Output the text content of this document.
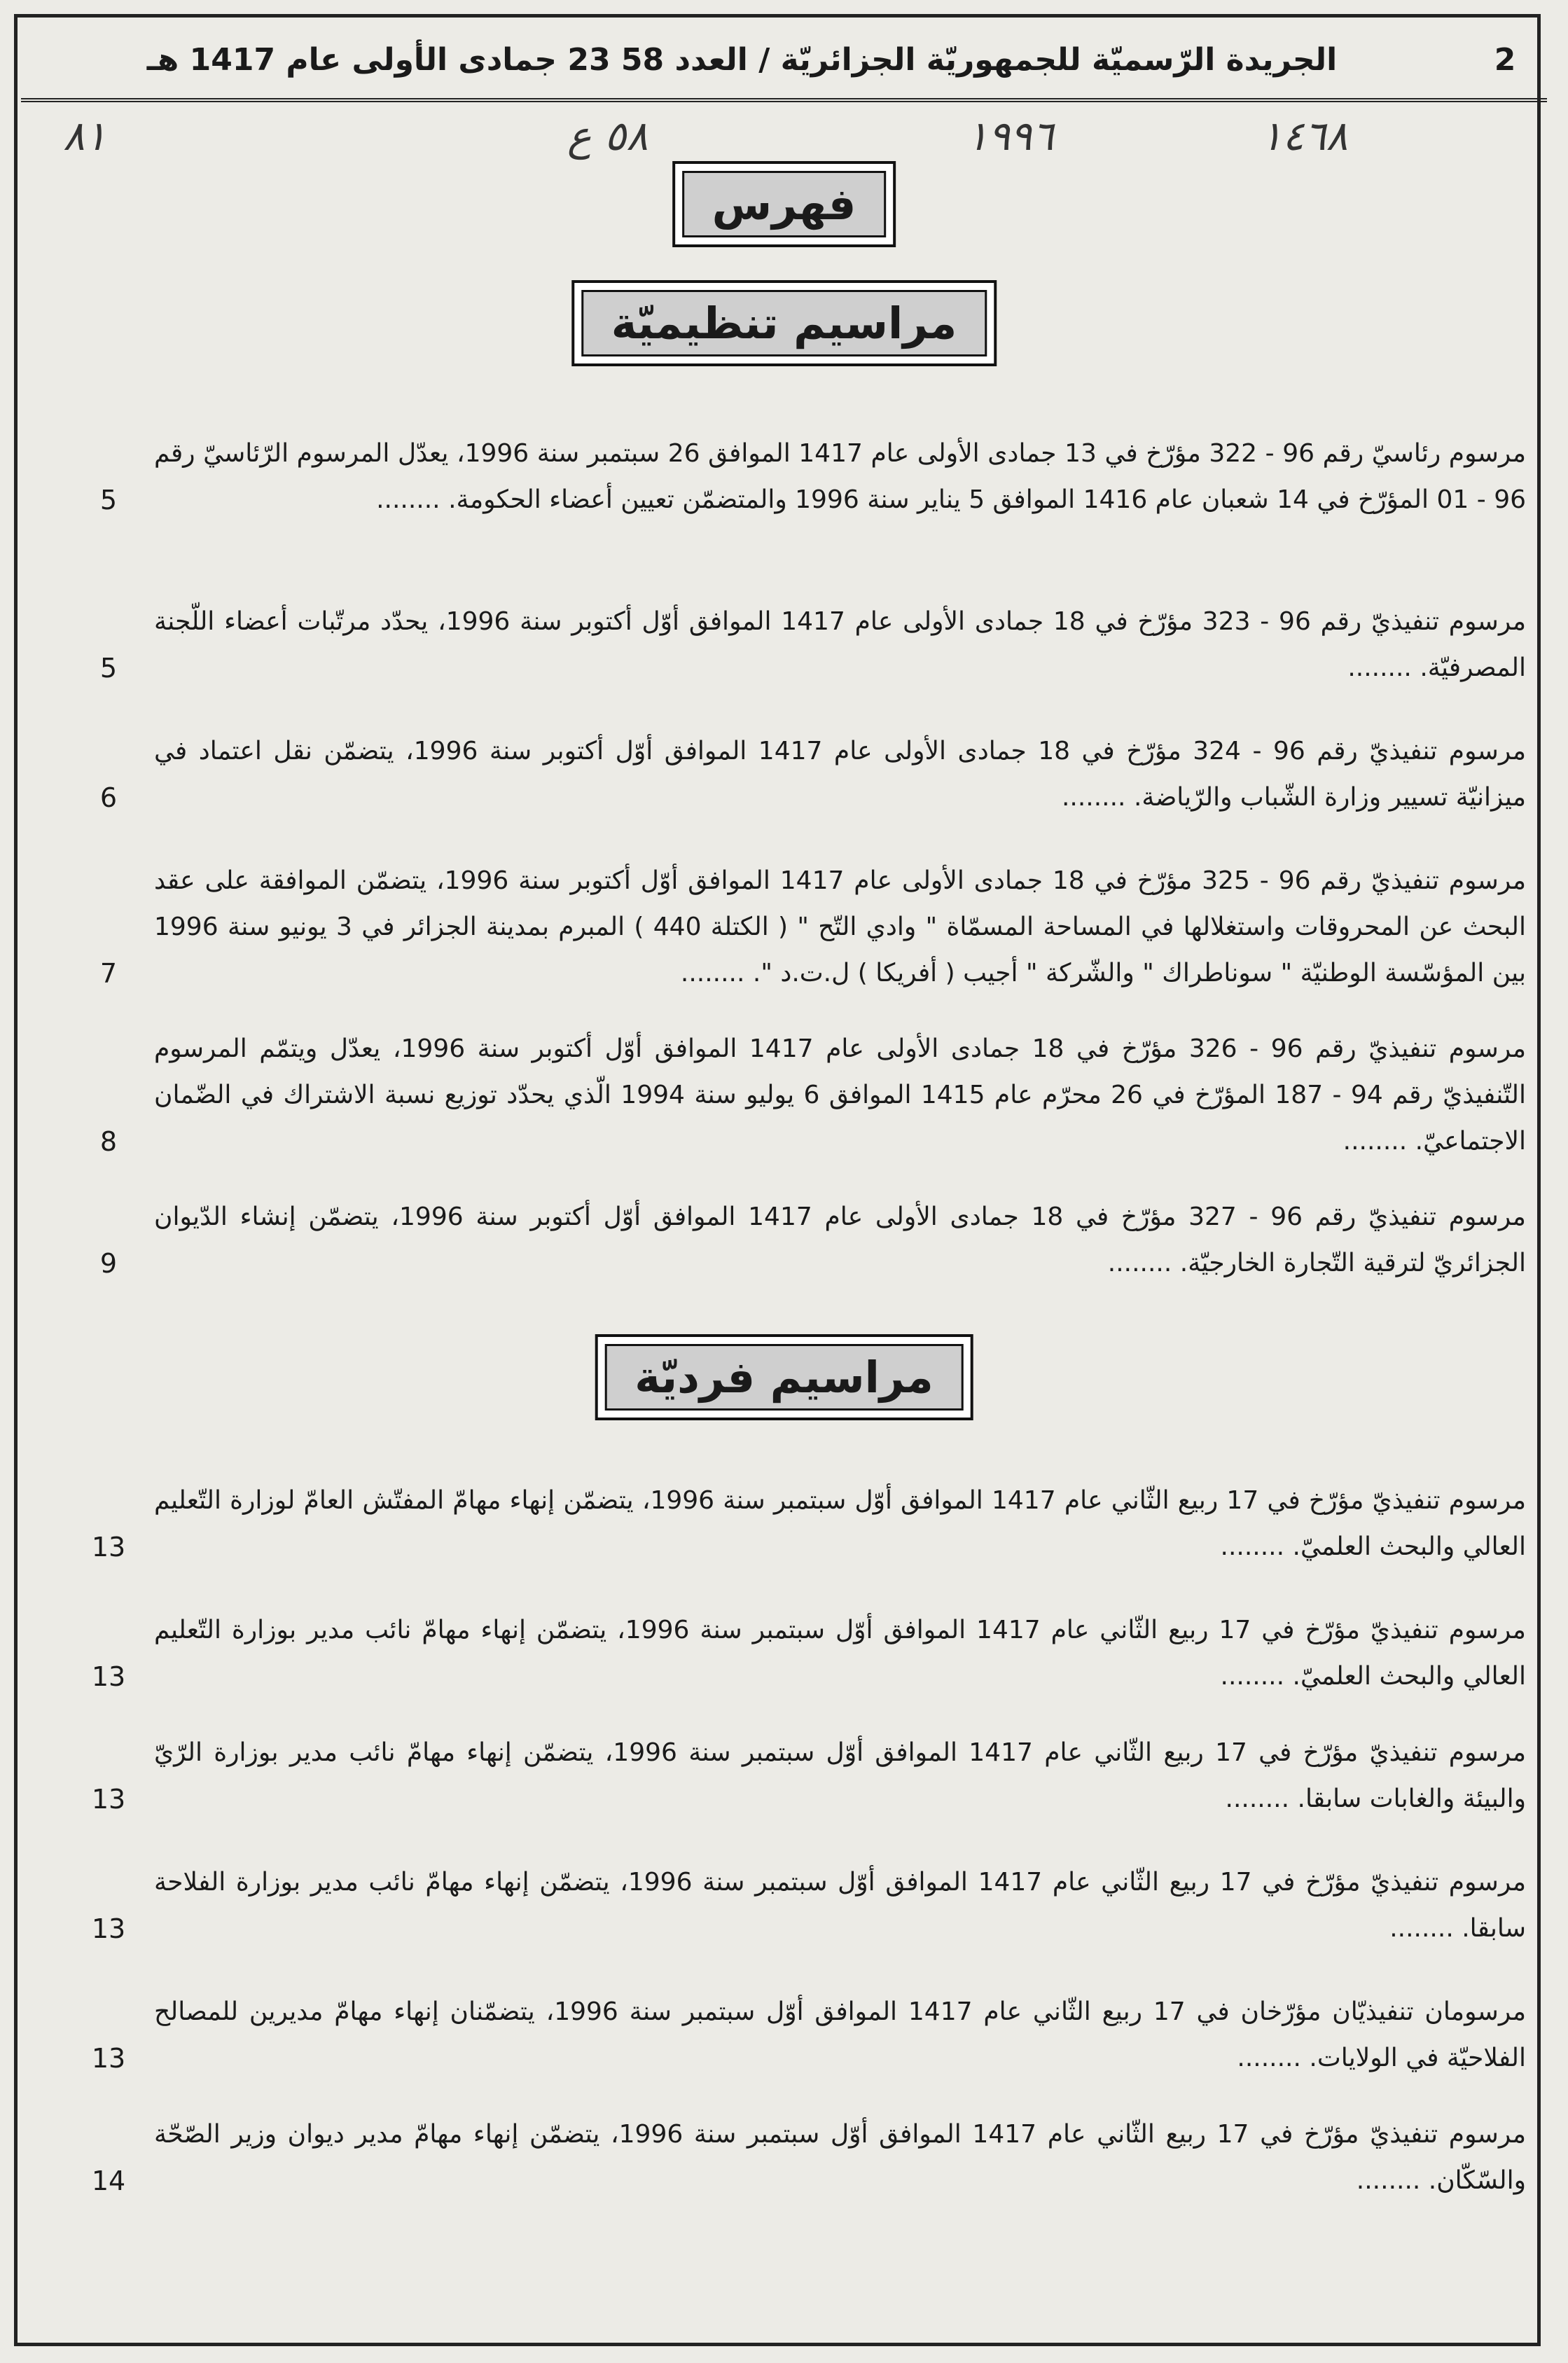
2
الجريدة الرّسميّة للجمهوريّة الجزائريّة / العدد 58 23 جمادى الأولى عام 1417 هـ
٨١	٥٨ ع	١٩٩٦	١٤٦٨
فهرس
مراسيم تنظيميّة
مرسوم رئاسيّ رقم 96 - 322 مؤرّخ في 13 جمادى الأولى عام 1417 الموافق 26 سبتمبر سنة 1996، يعدّل المرسوم الرّئاسيّ رقم 96 - 01 المؤرّخ في 14 شعبان عام 1416 الموافق 5 يناير سنة 1996 والمتضمّن تعيين أعضاء الحكومة. ........
5
مرسوم تنفيذيّ رقم 96 - 323 مؤرّخ في 18 جمادى الأولى عام 1417 الموافق أوّل أكتوبر سنة 1996، يحدّد مرتّبات أعضاء اللّجنة المصرفيّة. ........
5
مرسوم تنفيذيّ رقم 96 - 324 مؤرّخ في 18 جمادى الأولى عام 1417 الموافق أوّل أكتوبر سنة 1996، يتضمّن نقل اعتماد في ميزانيّة تسيير وزارة الشّباب والرّياضة. ........
6
مرسوم تنفيذيّ رقم 96 - 325 مؤرّخ في 18 جمادى الأولى عام 1417 الموافق أوّل أكتوبر سنة 1996، يتضمّن الموافقة على عقد البحث عن المحروقات واستغلالها في المساحة المسمّاة " وادي التّح " ( الكتلة 440 ) المبرم بمدينة الجزائر في 3 يونيو سنة 1996 بين المؤسّسة الوطنيّة " سوناطراك " والشّركة " أجيب ( أفريكا ) ل.ت.د ". ........
7
مرسوم تنفيذيّ رقم 96 - 326 مؤرّخ في 18 جمادى الأولى عام 1417 الموافق أوّل أكتوبر سنة 1996، يعدّل ويتمّم المرسوم التّنفيذيّ رقم 94 - 187 المؤرّخ في 26 محرّم عام 1415 الموافق 6 يوليو سنة 1994 الّذي يحدّد توزيع نسبة الاشتراك في الضّمان الاجتماعيّ. ........
8
مرسوم تنفيذيّ رقم 96 - 327 مؤرّخ في 18 جمادى الأولى عام 1417 الموافق أوّل أكتوبر سنة 1996، يتضمّن إنشاء الدّيوان الجزائريّ لترقية التّجارة الخارجيّة. ........
9
مراسيم فرديّة
مرسوم تنفيذيّ مؤرّخ في 17 ربيع الثّاني عام 1417 الموافق أوّل سبتمبر سنة 1996، يتضمّن إنهاء مهامّ المفتّش العامّ لوزارة التّعليم العالي والبحث العلميّ. ........
13
مرسوم تنفيذيّ مؤرّخ في 17 ربيع الثّاني عام 1417 الموافق أوّل سبتمبر سنة 1996، يتضمّن إنهاء مهامّ نائب مدير بوزارة التّعليم العالي والبحث العلميّ. ........
13
مرسوم تنفيذيّ مؤرّخ في 17 ربيع الثّاني عام 1417 الموافق أوّل سبتمبر سنة 1996، يتضمّن إنهاء مهامّ نائب مدير بوزارة الرّيّ والبيئة والغابات سابقا. ........
13
مرسوم تنفيذيّ مؤرّخ في 17 ربيع الثّاني عام 1417 الموافق أوّل سبتمبر سنة 1996، يتضمّن إنهاء مهامّ نائب مدير بوزارة الفلاحة سابقا. ........
13
مرسومان تنفيذيّان مؤرّخان في 17 ربيع الثّاني عام 1417 الموافق أوّل سبتمبر سنة 1996، يتضمّنان إنهاء مهامّ مديرين للمصالح الفلاحيّة في الولايات. ........
13
مرسوم تنفيذيّ مؤرّخ في 17 ربيع الثّاني عام 1417 الموافق أوّل سبتمبر سنة 1996، يتضمّن إنهاء مهامّ مدير ديوان وزير الصّحّة والسّكّان. ........
14
